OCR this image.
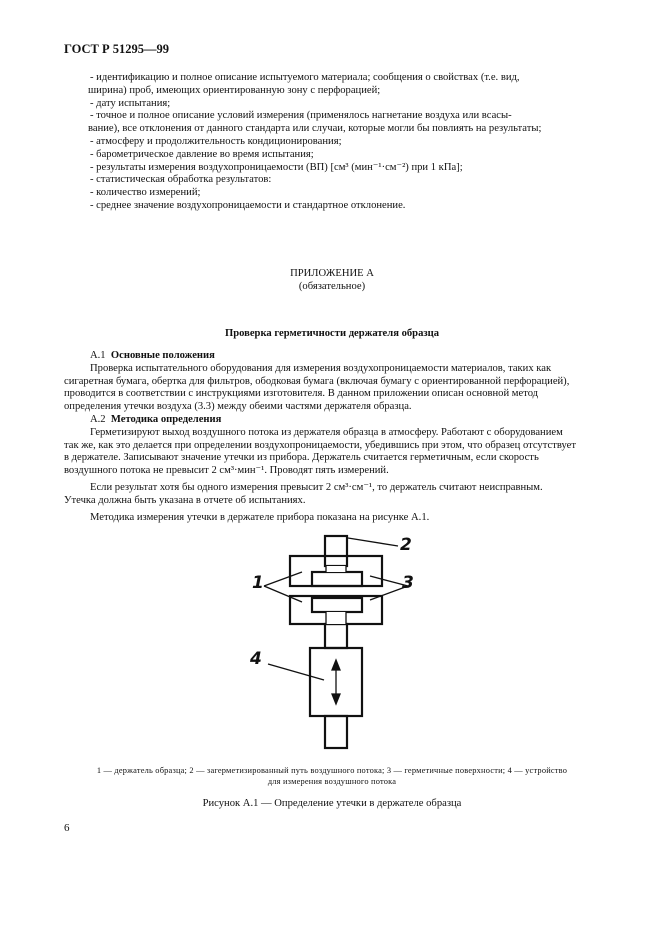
ГОСТ Р 51295—99

- идентификацию и полное описание испытуемого материала; сообщения о свойствах (т.е. вид,

ширина) проб, имеющих ориентированную зону с перфорацией;

- дату испытания;

- точное и полное описание условий измерения (применялось нагнетание воздуха или всасы-

вание), все отклонения от данного стандарта или случаи, которые могли бы повлиять на результаты;

- атмосферу и продолжительность кондиционирования;

- барометрическое давление во время испытания;

- результаты измерения воздухопроницаемости (ВП) [см³ (мин⁻¹·см⁻²) при 1 кПа];

- статистическая обработка результатов:

- количество измерений;

- среднее значение воздухопроницаемости и стандартное отклонение.

ПРИЛОЖЕНИЕ А
(обязательное)
Проверка герметичности держателя образца

А.1 Основные положения

Проверка испытательного оборудования для измерения воздухопроницаемости материалов, таких как

сигаретная бумага, обертка для фильтров, ободковая бумага (включая бумагу с ориентированной перфорацией),

проводится в соответствии с инструкциями изготовителя. В данном приложении описан основной метод

определения утечки воздуха (3.3) между обеими частями держателя образца.

А.2 Методика определения

Герметизируют выход воздушного потока из держателя образца в атмосферу. Работают с оборудованием

так же, как это делается при определении воздухопроницаемости, убедившись при этом, что образец отсутствует

в держателе. Записывают значение утечки из прибора. Держатель считается герметичным, если скорость

воздушного потока не превысит 2 см³·мин⁻¹. Проводят пять измерений.

Если результат хотя бы одного измерения превысит 2 см³·см⁻¹, то держатель считают неисправным.

Утечка должна быть указана в отчете об испытаниях.

Методика измерения утечки в держателе прибора показана на рисунке А.1.

2
1	3
4
1 — держатель образца; 2 — загерметизированный путь воздушного потока; 3 — герметичные поверхности; 4 — устройство
для измерения воздушного потока
Рисунок А.1 — Определение утечки в держателе образца
6
